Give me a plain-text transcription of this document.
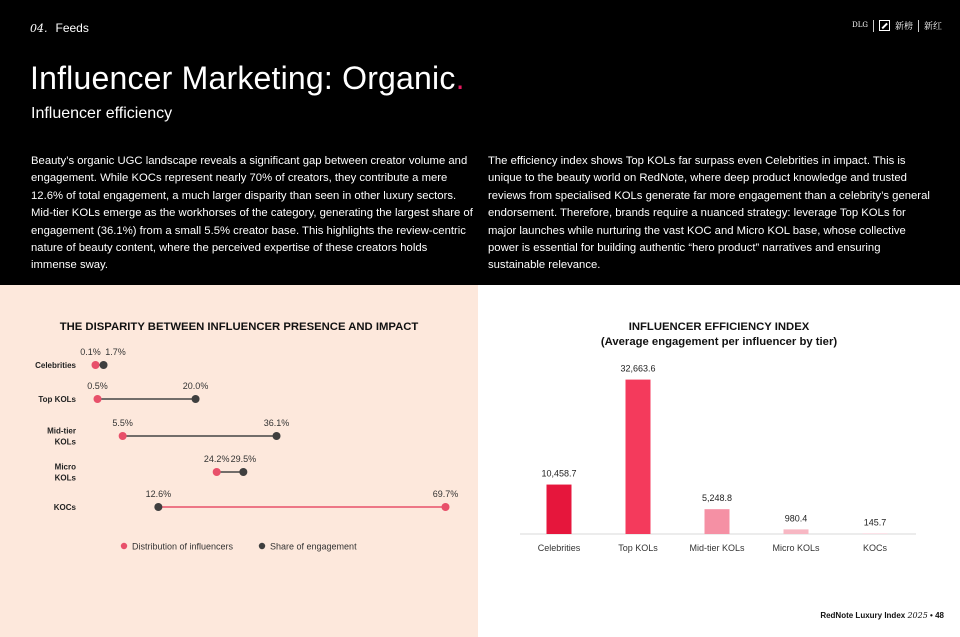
04. Feeds	DLG	新榜 新红
Influencer Marketing: Organic.
Influencer efficiency

Beauty’s organic UGC landscape reveals a significant gap between creator volume and engagement. While KOCs represent nearly 70% of creators, they contribute a mere 12.6% of total engagement, a much larger disparity than seen in other luxury sectors. Mid-tier KOLs emerge as the workhorses of the category, generating the largest share of engagement (36.1%) from a small 5.5% creator base. This highlights the review-centric nature of beauty content, where the perceived expertise of these creators holds immense sway.

The efficiency index shows Top KOLs far surpass even Celebrities in impact. This is unique to the beauty world on RedNote, where deep product knowledge and trusted reviews from specialised KOLs generate far more engagement than a celebrity’s general endorsement. Therefore, brands require a nuanced strategy: leverage Top KOLs for major launches while nurturing the vast KOC and Micro KOL base, whose collective power is essential for building authentic “hero product” narratives and ensuring sustainable relevance.

THE DISPARITY BETWEEN INFLUENCER PRESENCE AND IMPACT
Celebrities
0.1% 1.7%
Top KOLs
0.5%	20.0%
Mid-tier KOLs
5.5%	36.1%
Micro KOLs
24.2% 29.5%
KOCs
69.7%
12.6%
Distribution of influencers	Share of engagement
INFLUENCER EFFICIENCY INDEX
(Average engagement per influencer by tier)
10,458.7
Celebrities
32,663.6
Top KOLs
5,248.8
Mid-tier KOLs
980.4
Micro KOLs
145.7
KOCs
RedNote Luxury Index 2025 • 48
